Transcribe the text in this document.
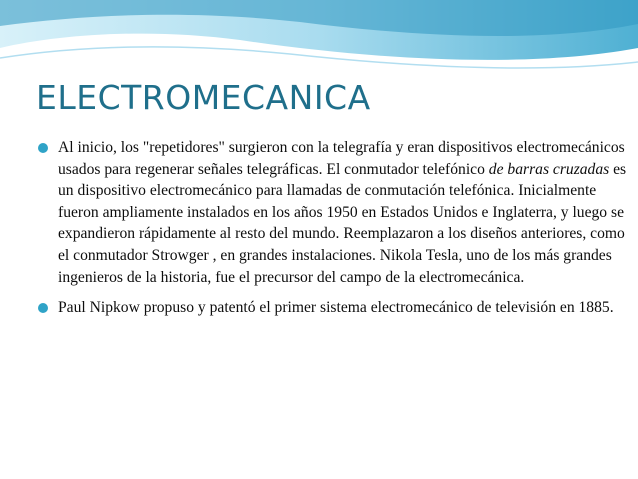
ELECTROMECANICA

Al inicio, los "repetidores" surgieron con la telegrafía y eran dispositivos electromecánicos usados para regenerar señales telegráficas. El conmutador telefónico de barras cruzadas es un dispositivo electromecánico para llamadas de conmutación telefónica. Inicialmente fueron ampliamente instalados en los años 1950 en Estados Unidos e Inglaterra, y luego se expandieron rápidamente al resto del mundo. Reemplazaron a los diseños anteriores, como el conmutador Strowger , en grandes instalaciones. Nikola Tesla, uno de los más grandes ingenieros de la historia, fue el precursor del campo de la electromecánica.

Paul Nipkow propuso y patentó el primer sistema electromecánico de televisión en 1885.
